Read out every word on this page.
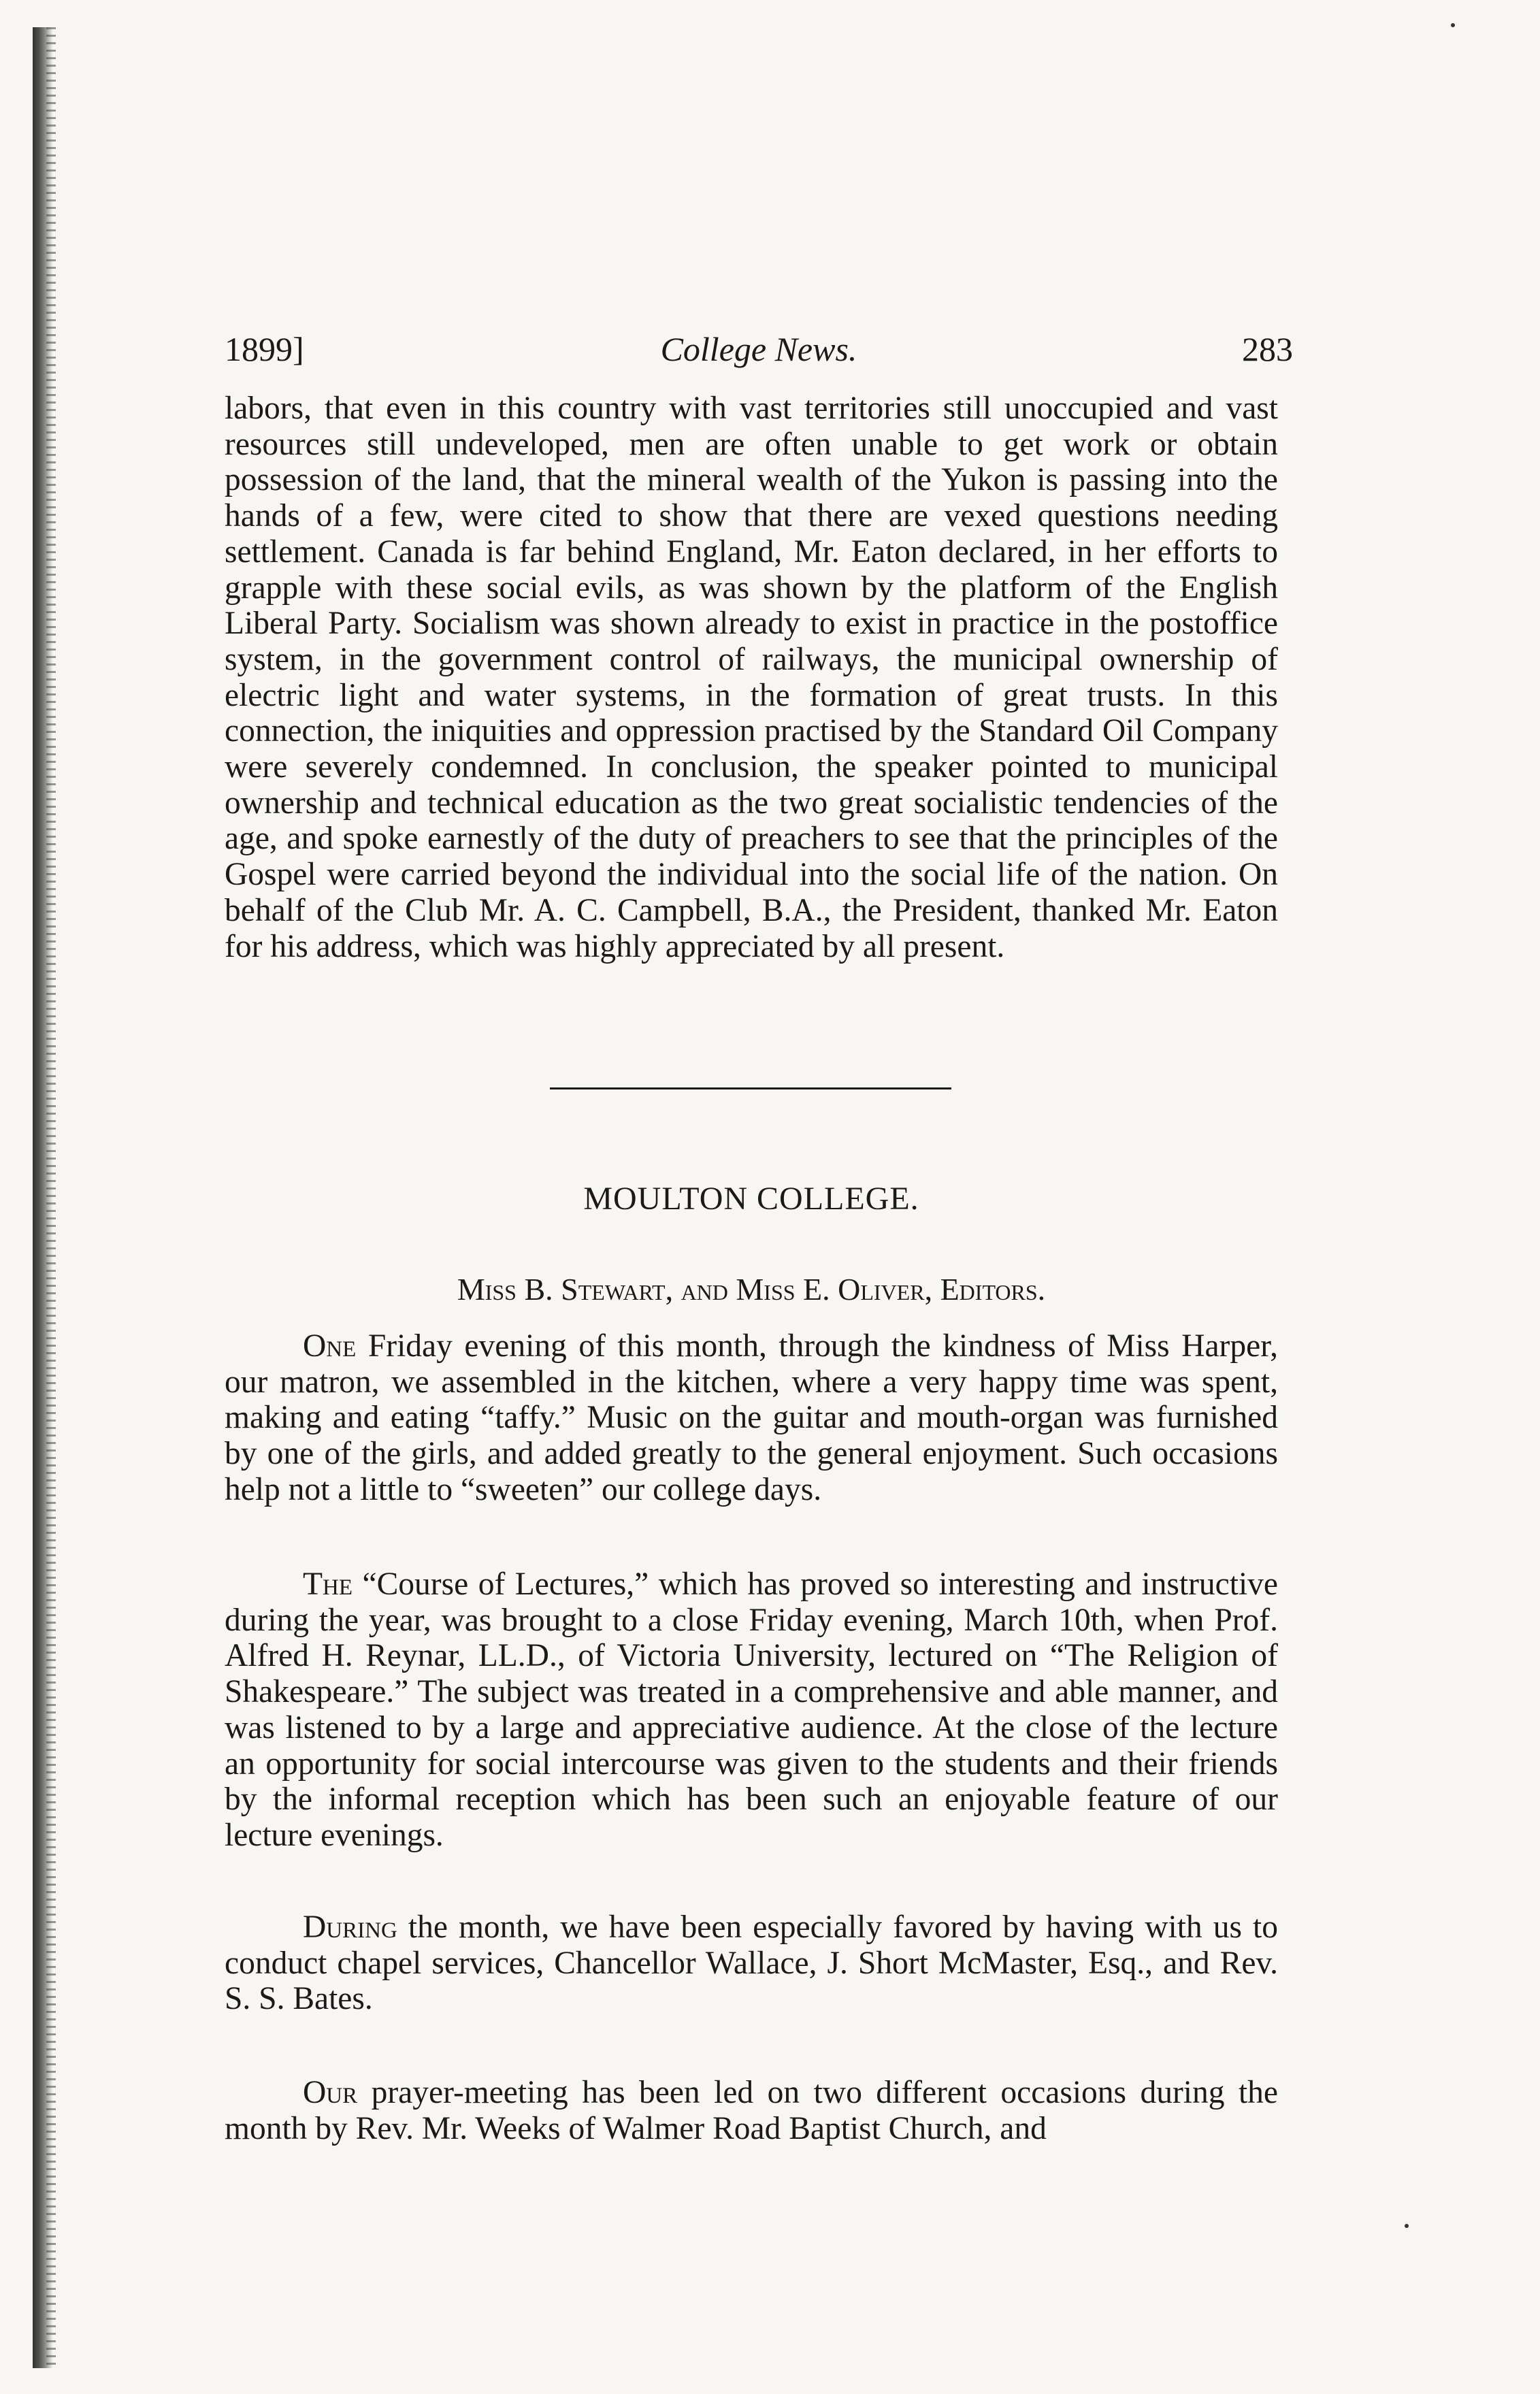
1899]	College News.	283

labors, that even in this country with vast territories still unoccupied and vast resources still undeveloped, men are often unable to get work or obtain possession of the land, that the mineral wealth of the Yukon is passing into the hands of a few, were cited to show that there are vexed questions needing settlement. Canada is far behind England, Mr. Eaton declared, in her efforts to grapple with these social evils, as was shown by the platform of the English Liberal Party. Socialism was shown already to exist in practice in the postoffice system, in the government control of railways, the municipal ownership of electric light and water systems, in the formation of great trusts. In this connection, the iniquities and oppression practised by the Standard Oil Company were severely condemned. In conclusion, the speaker pointed to municipal ownership and technical education as the two great socialistic tendencies of the age, and spoke earnestly of the duty of preachers to see that the principles of the Gospel were carried beyond the individual into the social life of the nation. On behalf of the Club Mr. A. C. Campbell, B.A., the President, thanked Mr. Eaton for his address, which was highly appreciated by all present.

MOULTON COLLEGE.
Miss B. Stewart, and Miss E. Oliver, Editors.

One Friday evening of this month, through the kindness of Miss Harper, our matron, we assembled in the kitchen, where a very happy time was spent, making and eating “taffy.” Music on the guitar and mouth-organ was furnished by one of the girls, and added greatly to the general enjoyment. Such occasions help not a little to “sweeten” our college days.

The “Course of Lectures,” which has proved so interesting and instructive during the year, was brought to a close Friday evening, March 10th, when Prof. Alfred H. Reynar, LL.D., of Victoria University, lectured on “The Religion of Shakespeare.” The subject was treated in a comprehensive and able manner, and was listened to by a large and appreciative audience. At the close of the lecture an opportunity for social intercourse was given to the students and their friends by the informal reception which has been such an enjoyable feature of our lecture evenings.

During the month, we have been especially favored by having with us to conduct chapel services, Chancellor Wallace, J. Short McMaster, Esq., and Rev. S. S. Bates.

Our prayer-meeting has been led on two different occasions during the month by Rev. Mr. Weeks of Walmer Road Baptist Church, and
